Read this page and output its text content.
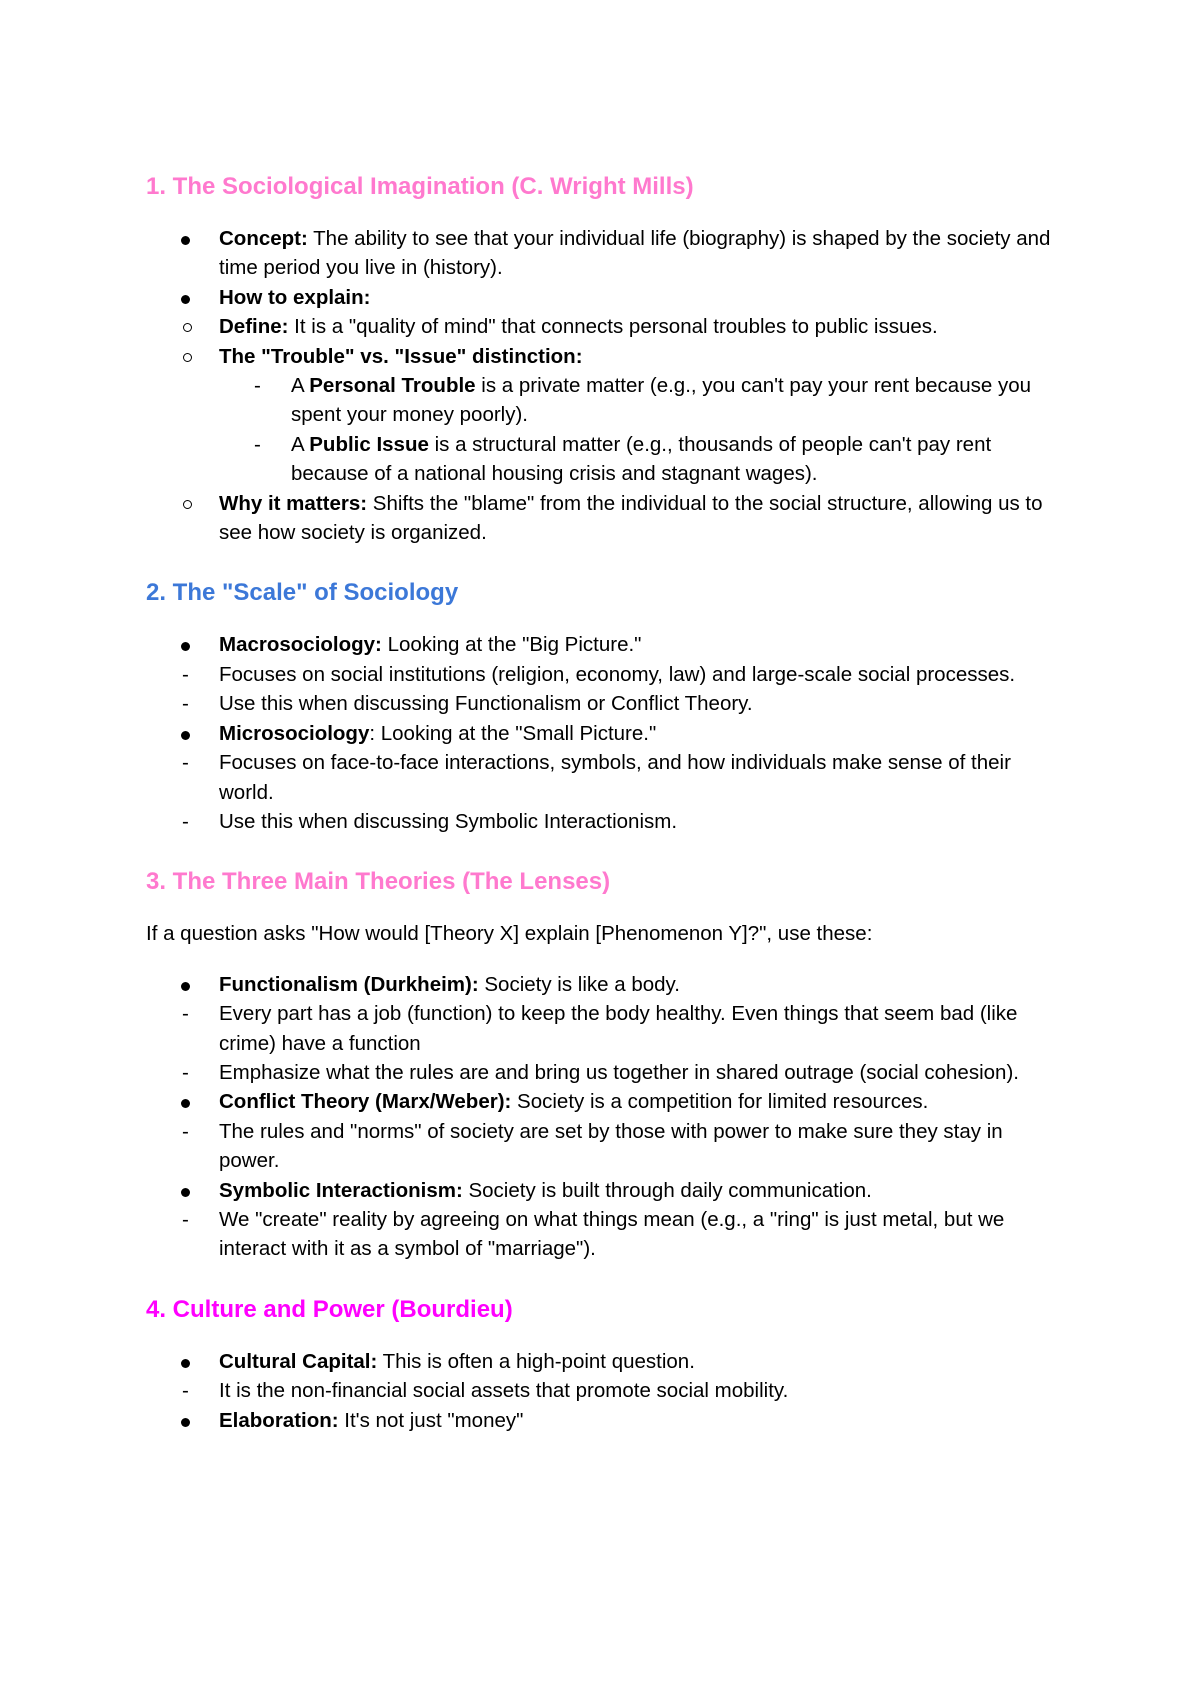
1. The Sociological Imagination (C. Wright Mills)
Concept: The ability to see that your individual life (biography) is shaped by the society and time period you live in (history).
How to explain:
Define: It is a "quality of mind" that connects personal troubles to public issues.
The "Trouble" vs. "Issue" distinction:
- A Personal Trouble is a private matter (e.g., you can't pay your rent because you spent your money poorly).
- A Public Issue is a structural matter (e.g., thousands of people can't pay rent because of a national housing crisis and stagnant wages).
Why it matters: Shifts the "blame" from the individual to the social structure, allowing us to see how society is organized.
2. The "Scale" of Sociology
Macrosociology: Looking at the "Big Picture."
- Focuses on social institutions (religion, economy, law) and large-scale social processes.
- Use this when discussing Functionalism or Conflict Theory.
Microsociology: Looking at the "Small Picture."
- Focuses on face-to-face interactions, symbols, and how individuals make sense of their world.
- Use this when discussing Symbolic Interactionism.
3. The Three Main Theories (The Lenses)

If a question asks "How would [Theory X] explain [Phenomenon Y]?", use these:

Functionalism (Durkheim): Society is like a body.
- Every part has a job (function) to keep the body healthy. Even things that seem bad (like crime) have a function
- Emphasize what the rules are and bring us together in shared outrage (social cohesion).
Conflict Theory (Marx/Weber): Society is a competition for limited resources.
- The rules and "norms" of society are set by those with power to make sure they stay in power.
Symbolic Interactionism: Society is built through daily communication.
- We "create" reality by agreeing on what things mean (e.g., a "ring" is just metal, but we interact with it as a symbol of "marriage").
4. Culture and Power (Bourdieu)
Cultural Capital: This is often a high-point question.
- It is the non-financial social assets that promote social mobility.
Elaboration: It's not just "money"
